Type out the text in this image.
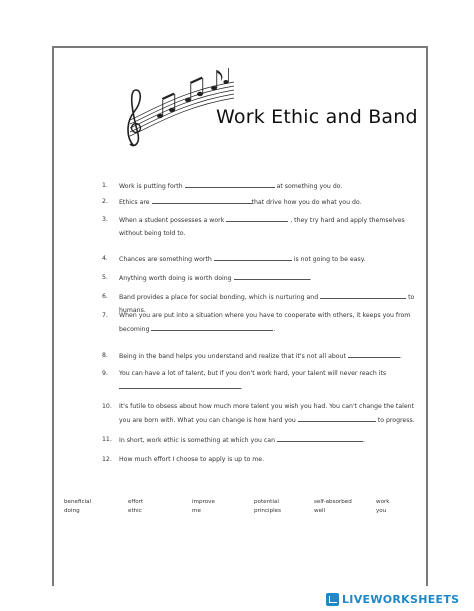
Work Ethic and Band
1.	Work is putting forth	at something you do.
2.	Ethics are	that drive how you do what you do.
3.	When a student possesses a work	, they try hard and apply themselves without being told to.
4.	Chances are something worth	is not going to be easy.
5.	Anything worth doing is worth doing	.
6.	Band provides a place for social bonding, which is nurturing and	to humans.
7.	When you are put into a situation where you have to cooperate with others, it keeps you from becoming	.
8.	Being in the band helps you understand and realize that it's not all about	.
9.	You can have a lot of talent, but if you don't work hard, your talent will never reach its .
10.	It's futile to obsess about how much more talent you wish you had. You can't change the talent you are born with. What you can change is how hard you	to progress.
11.	In short, work ethic is something at which you can	.
12.	How much effort I choose to apply is up to me.
beneficial	effort	improve	potential	self-absorbed	work
doing	ethic	me	principles	well	you
LIVEWORKSHEETS
